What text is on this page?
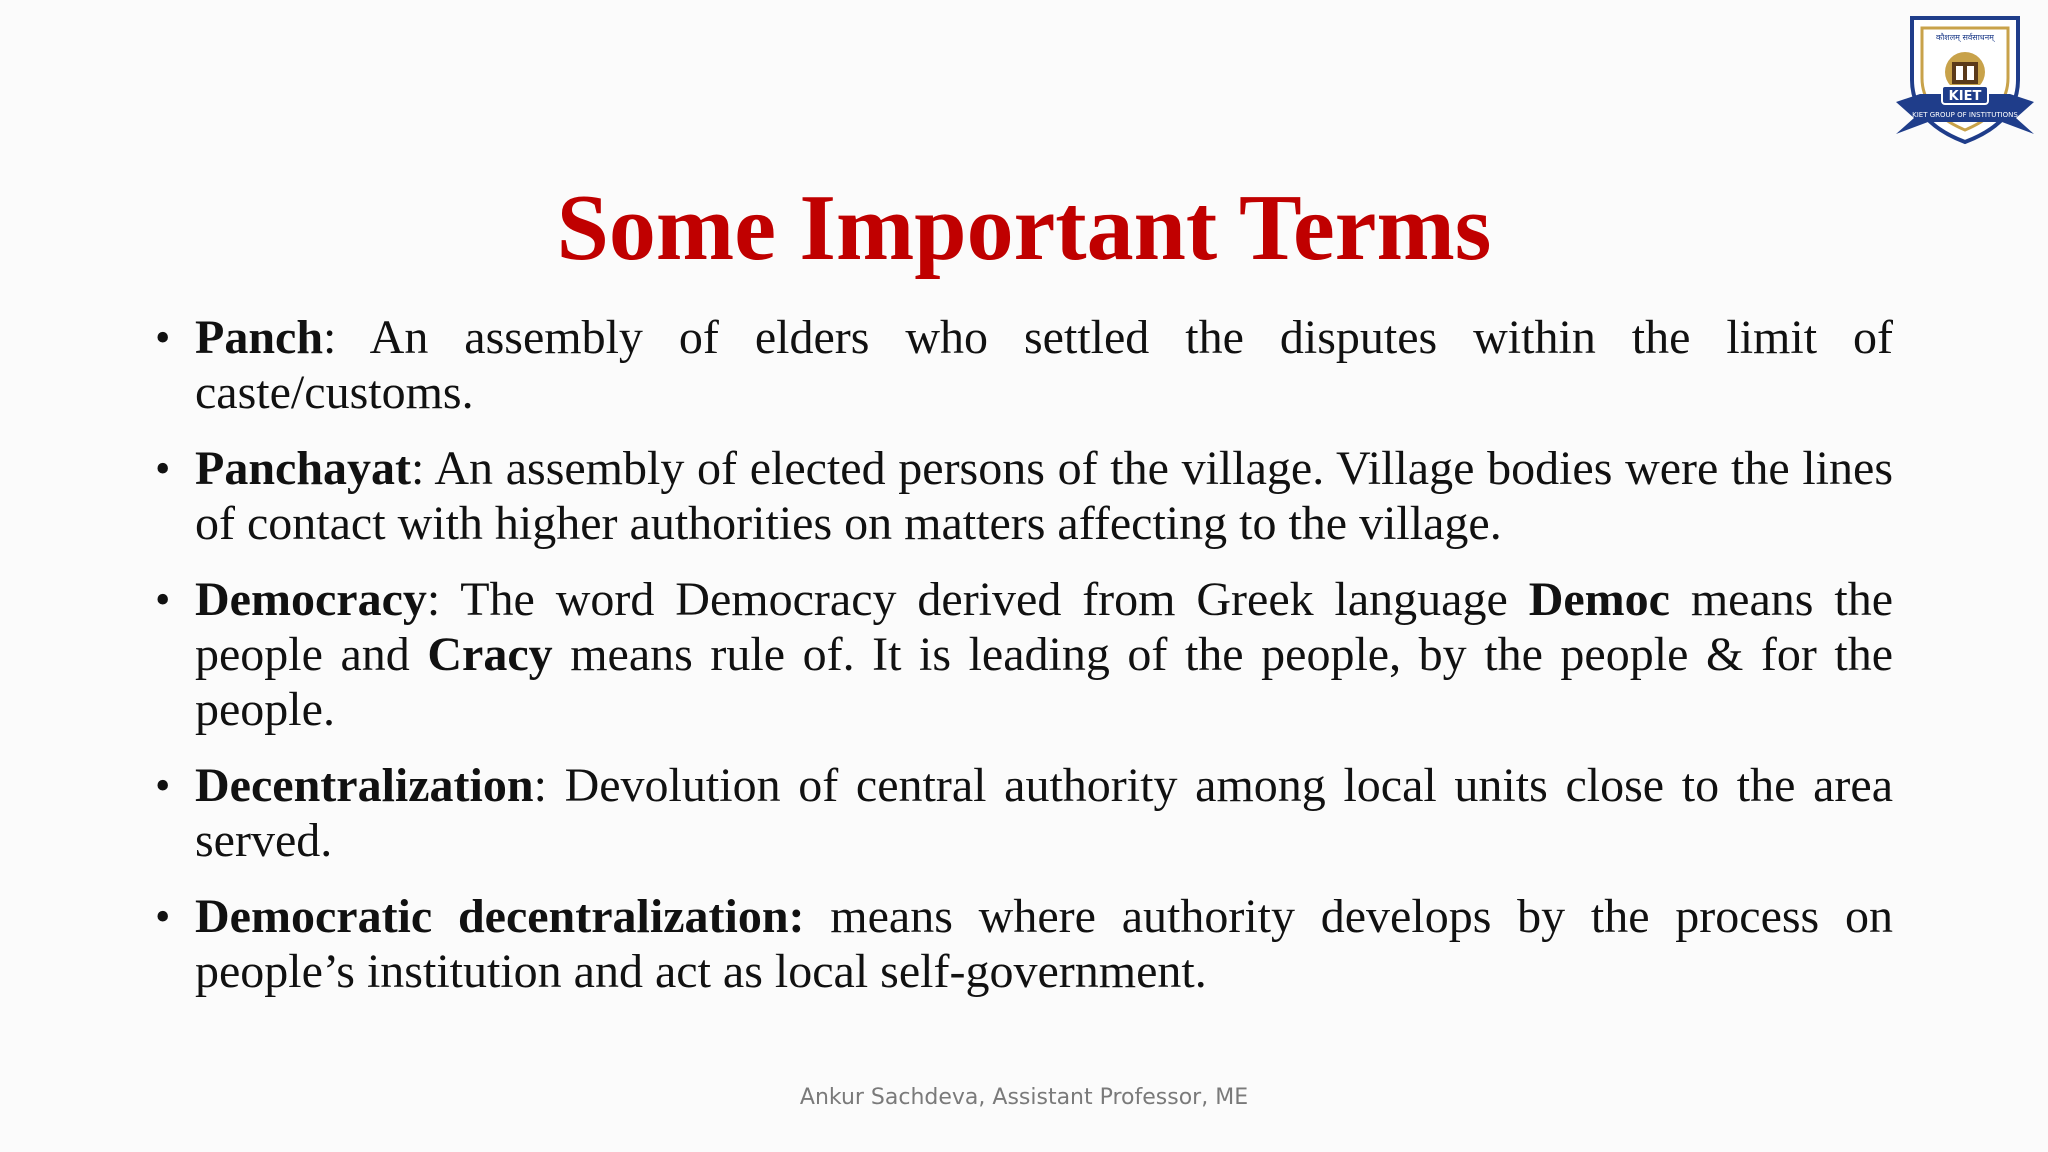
Some Important Terms
कौशलम् सर्वसाधनम्
KIET
KIET GROUP OF INSTITUTIONS
• Panch: An assembly of elders who settled the disputes within the limit of caste/customs.
• Panchayat: An assembly of elected persons of the village. Village bodies were the lines of contact with higher authorities on matters affecting to the village.
• Democracy: The word Democracy derived from Greek language Democ means the people and Cracy means rule of. It is leading of the people, by the people & for the people.
• Decentralization: Devolution of central authority among local units close to the area served.
• Democratic decentralization: means where authority develops by the process on people’s institution and act as local self-government.
Ankur Sachdeva, Assistant Professor, ME
